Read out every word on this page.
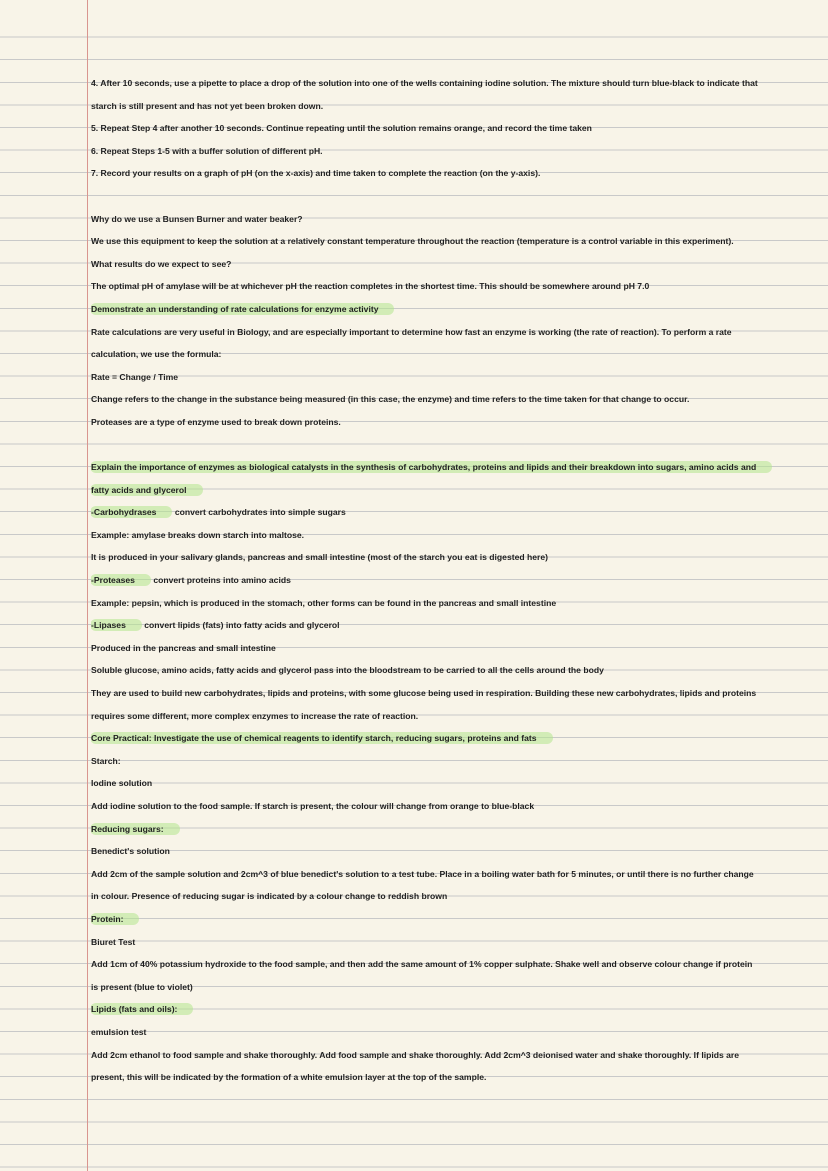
4. After 10 seconds, use a pipette to place a drop of the solution into one of the wells containing iodine solution. The mixture should turn blue-black to indicate that
starch is still present and has not yet been broken down.
5. Repeat Step 4 after another 10 seconds. Continue repeating until the solution remains orange, and record the time taken
6. Repeat Steps 1-5 with a buffer solution of different pH.
7. Record your results on a graph of pH (on the x-axis) and time taken to complete the reaction (on the y-axis).
Why do we use a Bunsen Burner and water beaker?
We use this equipment to keep the solution at a relatively constant temperature throughout the reaction (temperature is a control variable in this experiment).
What results do we expect to see?
The optimal pH of amylase will be at whichever pH the reaction completes in the shortest time. This should be somewhere around pH 7.0
Demonstrate an understanding of rate calculations for enzyme activity
Rate calculations are very useful in Biology, and are especially important to determine how fast an enzyme is working (the rate of reaction). To perform a rate
calculation, we use the formula:
Rate = Change / Time
Change refers to the change in the substance being measured (in this case, the enzyme) and time refers to the time taken for that change to occur.
Proteases are a type of enzyme used to break down proteins.
Explain the importance of enzymes as biological catalysts in the synthesis of carbohydrates, proteins and lipids and their breakdown into sugars, amino acids and
fatty acids and glycerol
-Carbohydrases convert carbohydrates into simple sugars
Example: amylase breaks down starch into maltose.
It is produced in your salivary glands, pancreas and small intestine (most of the starch you eat is digested here)
-Proteases convert proteins into amino acids
Example: pepsin, which is produced in the stomach, other forms can be found in the pancreas and small intestine
-Lipases convert lipids (fats) into fatty acids and glycerol
Produced in the pancreas and small intestine
Soluble glucose, amino acids, fatty acids and glycerol pass into the bloodstream to be carried to all the cells around the body
They are used to build new carbohydrates, lipids and proteins, with some glucose being used in respiration. Building these new carbohydrates, lipids and proteins
requires some different, more complex enzymes to increase the rate of reaction.
Core Practical: Investigate the use of chemical reagents to identify starch, reducing sugars, proteins and fats
Starch:
Iodine solution
Add iodine solution to the food sample. If starch is present, the colour will change from orange to blue-black
Reducing sugars:
Benedict's solution
Add 2cm of the sample solution and 2cm^3 of blue benedict's solution to a test tube. Place in a boiling water bath for 5 minutes, or until there is no further change
in colour. Presence of reducing sugar is indicated by a colour change to reddish brown
Protein:
Biuret Test
Add 1cm of 40% potassium hydroxide to the food sample, and then add the same amount of 1% copper sulphate. Shake well and observe colour change if protein
is present (blue to violet)
Lipids (fats and oils):
emulsion test
Add 2cm ethanol to food sample and shake thoroughly. Add food sample and shake thoroughly. Add 2cm^3 deionised water and shake thoroughly. If lipids are
present, this will be indicated by the formation of a white emulsion layer at the top of the sample.
